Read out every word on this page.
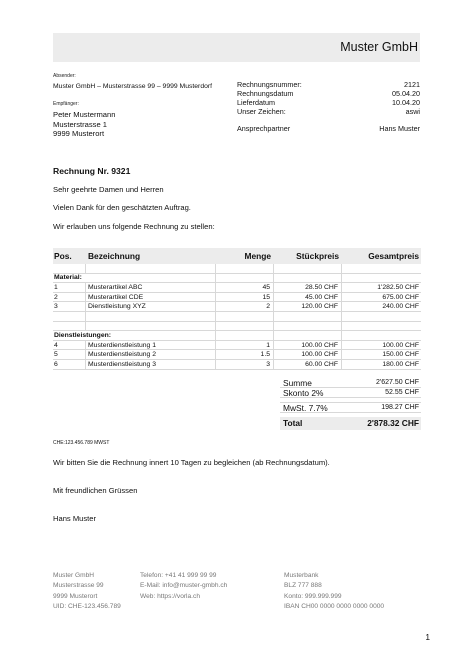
Muster GmbH
Absender:
Muster GmbH – Musterstrasse 99 – 9999 Musterdorf
Empfänger:
Peter Mustermann
Musterstrasse 1
9999 Musterort
Rechnungsnummer:	2121
Rechnungsdatum	05.04.20
Lieferdatum	10.04.20
Unser Zeichen:	aswi
Ansprechpartner	Hans Muster
Rechnung Nr. 9321
Sehr geehrte Damen und Herren
Vielen Dank für den geschätzten Auftrag.
Wir erlauben uns folgende Rechnung zu stellen:
Pos.	Bezeichnung	Menge	Stückpreis	Gesamtpreis
Material:
1	Musterartikel ABC	45	28.50 CHF	1'282.50 CHF
2	Musterartikel CDE	15	45.00 CHF	675.00 CHF
3	Dienstleistung XYZ	2	120.00 CHF	240.00 CHF
Dienstleistungen:
4	Musterdienstleistung 1	1	100.00 CHF	100.00 CHF
5	Musterdienstleistung 2	1.5	100.00 CHF	150.00 CHF
6	Musterdienstleistung 3	3	60.00 CHF	180.00 CHF
Summe	2'627.50 CHF
Skonto 2%	52.55 CHF
MwSt. 7.7%	198.27 CHF
Total	2'878.32 CHF
CHE:123.456.789 MWST
Wir bitten Sie die Rechnung innert 10 Tagen zu begleichen (ab Rechnungsdatum).
Mit freundlichen Grüssen
Hans Muster
Muster GmbH
Musterstrasse 99
9999 Musterort
UID: CHE-123.456.789
Telefon: +41 41 999 99 99
E-Mail: info@muster-gmbh.ch
Web: https://vorla.ch
Musterbank
BLZ 777 888
Konto: 999.999.999
IBAN CH00 0000 0000 0000 0000
1
